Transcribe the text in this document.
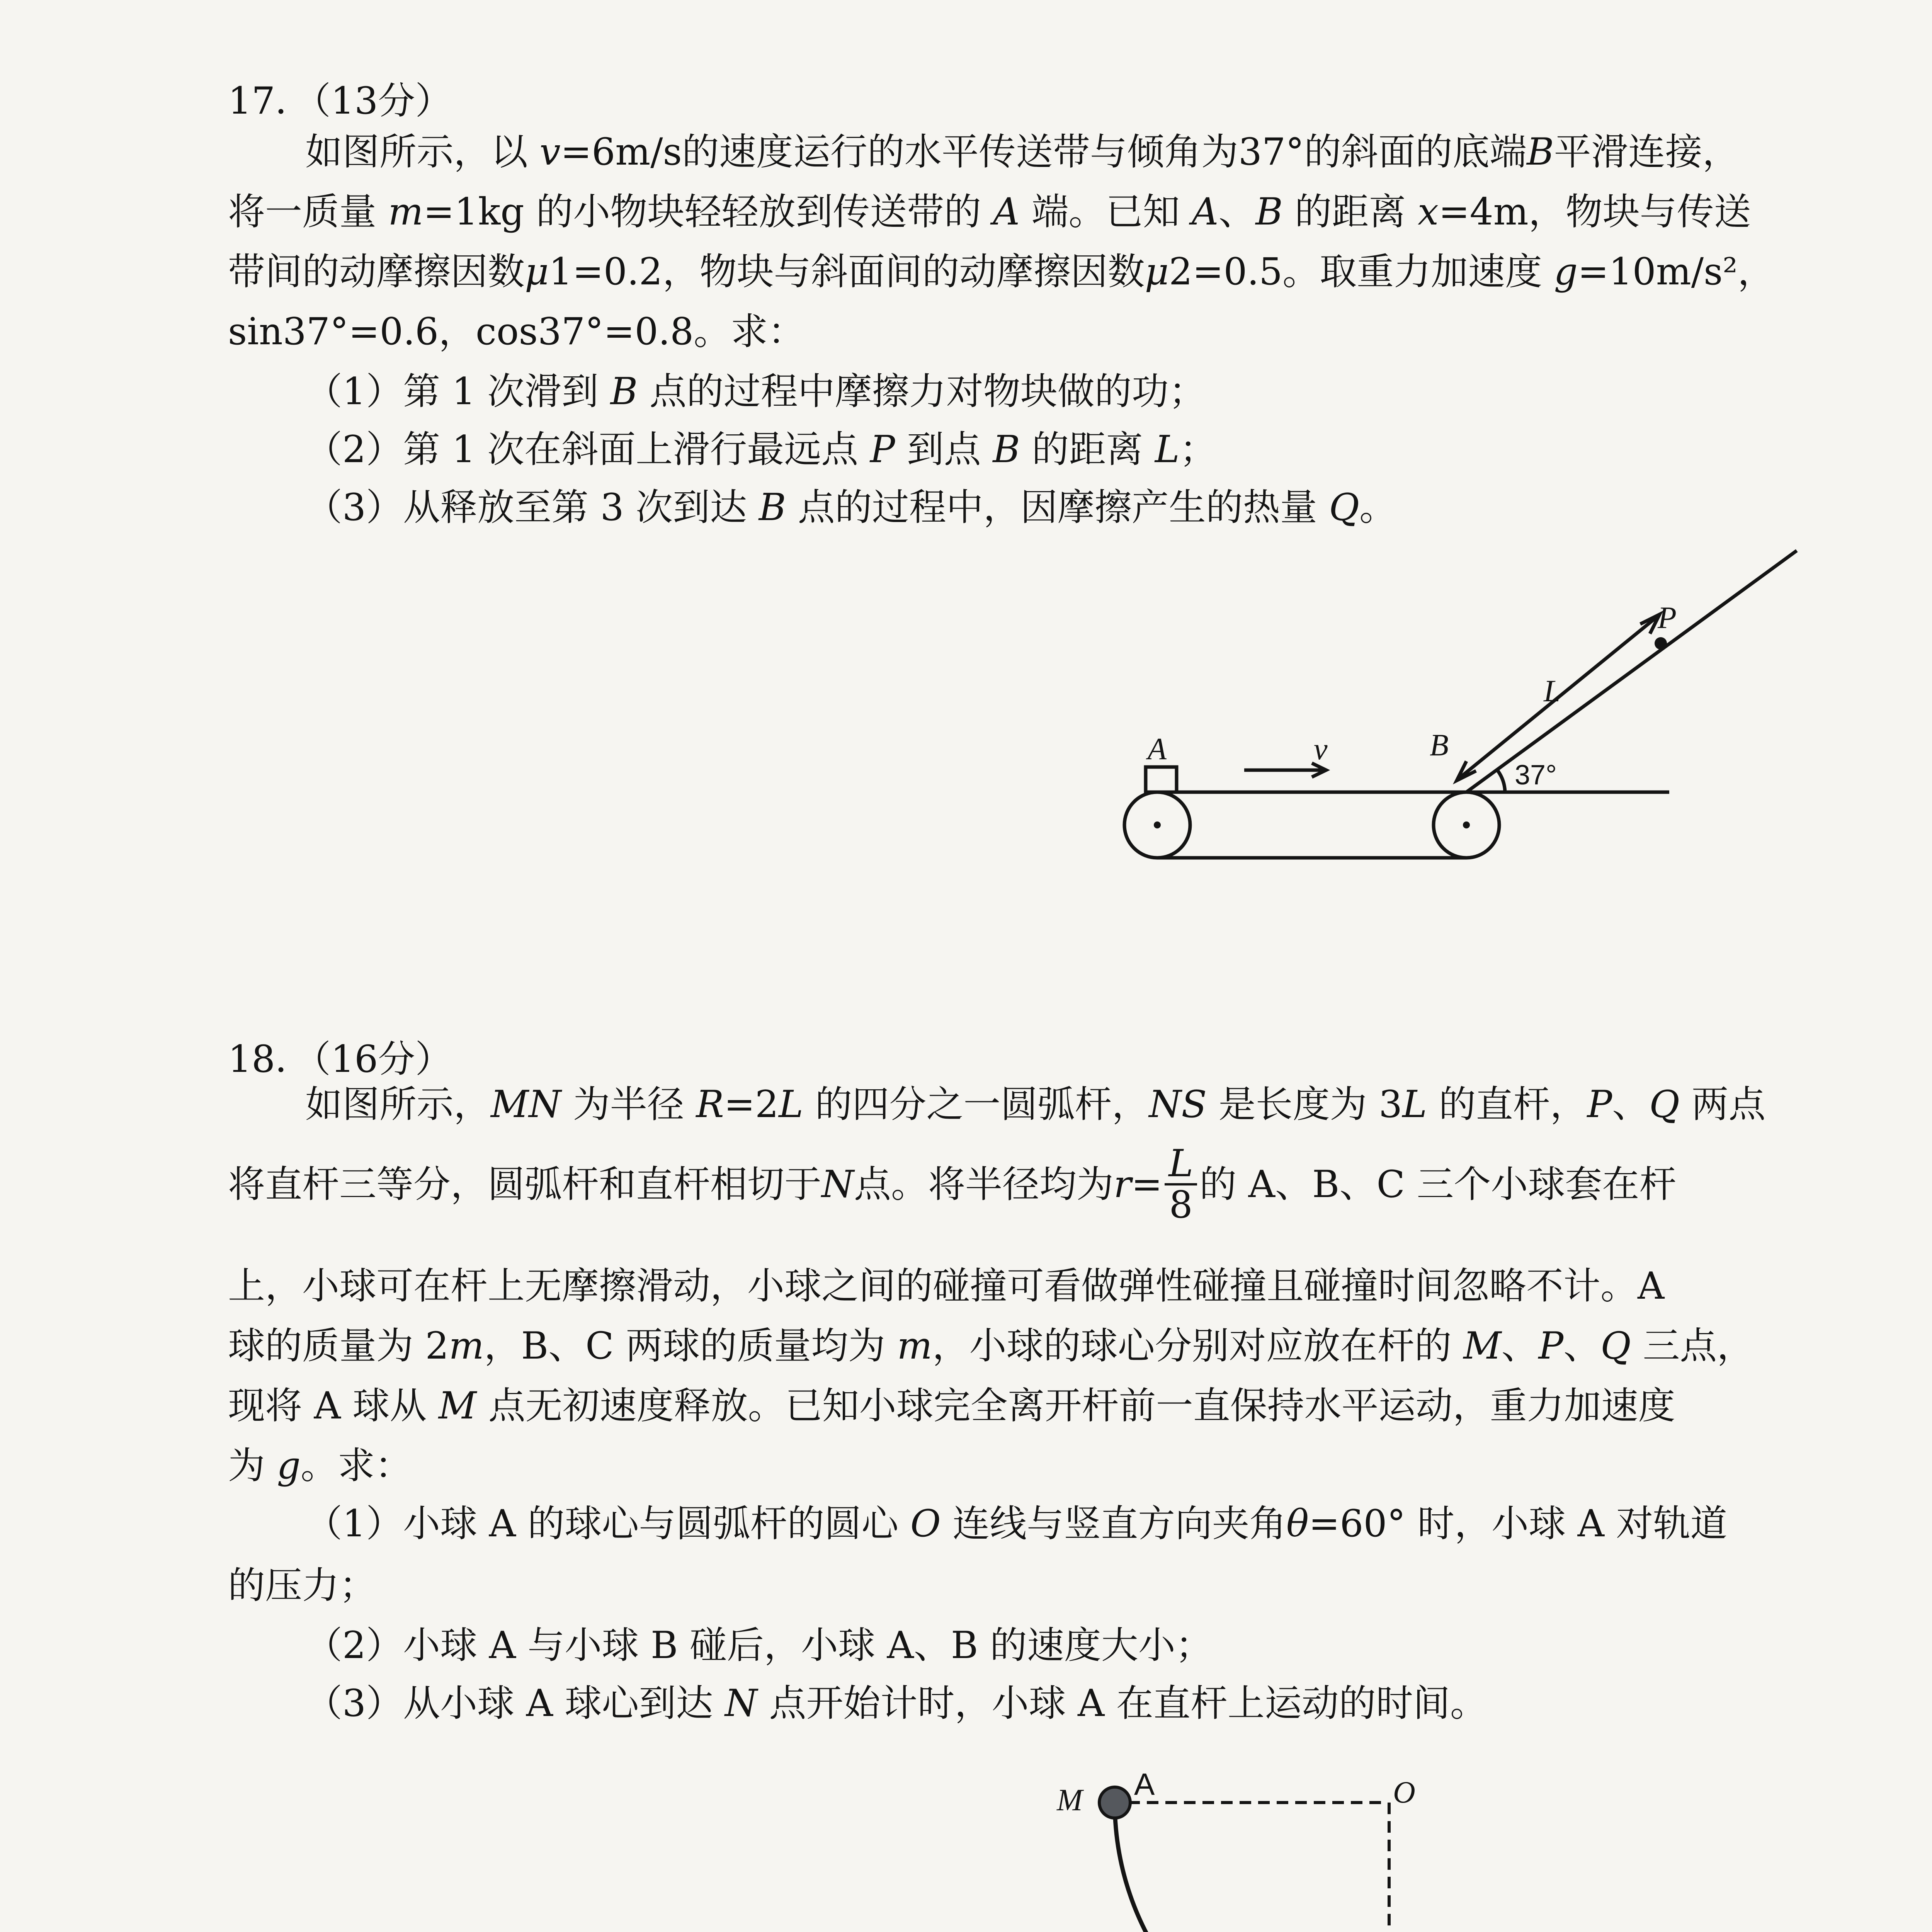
17．（13分）
如图所示，以 v=6m/s的速度运行的水平传送带与倾角为37°的斜面的底端B平滑连接，
将一质量 m=1kg 的小物块轻轻放到传送带的 A 端。已知 A、B 的距离 x=4m，物块与传送
带间的动摩擦因数μ1=0.2，物块与斜面间的动摩擦因数μ2=0.5。取重力加速度 g=10m/s²，
sin37°=0.6，cos37°=0.8。求：
（1）第 1 次滑到 B 点的过程中摩擦力对物块做的功；
（2）第 1 次在斜面上滑行最远点 P 到点 B 的距离 L；
（3）从释放至第 3 次到达 B 点的过程中，因摩擦产生的热量 Q。
A	v	B
L
P
37°
18．（16分）
如图所示，MN 为半径 R=2L 的四分之一圆弧杆，NS 是长度为 3L 的直杆，P、Q 两点
将直杆三等分，圆弧杆和直杆相切于 N 点。将半径均为 $r = \frac{L}{8}$ 的 A、B、C 三个小球套在杆
上，小球可在杆上无摩擦滑动，小球之间的碰撞可看做弹性碰撞且碰撞时间忽略不计。A
球的质量为 2m，B、C 两球的质量均为 m，小球的球心分别对应放在杆的 M、P、Q 三点，
现将 A 球从 M 点无初速度释放。已知小球完全离开杆前一直保持水平运动，重力加速度
为 g。求：
（1）小球 A 的球心与圆弧杆的圆心 O 连线与竖直方向夹角θ=60° 时，小球 A 对轨道
的压力；
（2）小球 A 与小球 B 碰后，小球 A、B 的速度大小；
（3）从小球 A 球心到达 N 点开始计时，小球 A 在直杆上运动的时间。
M A	O
